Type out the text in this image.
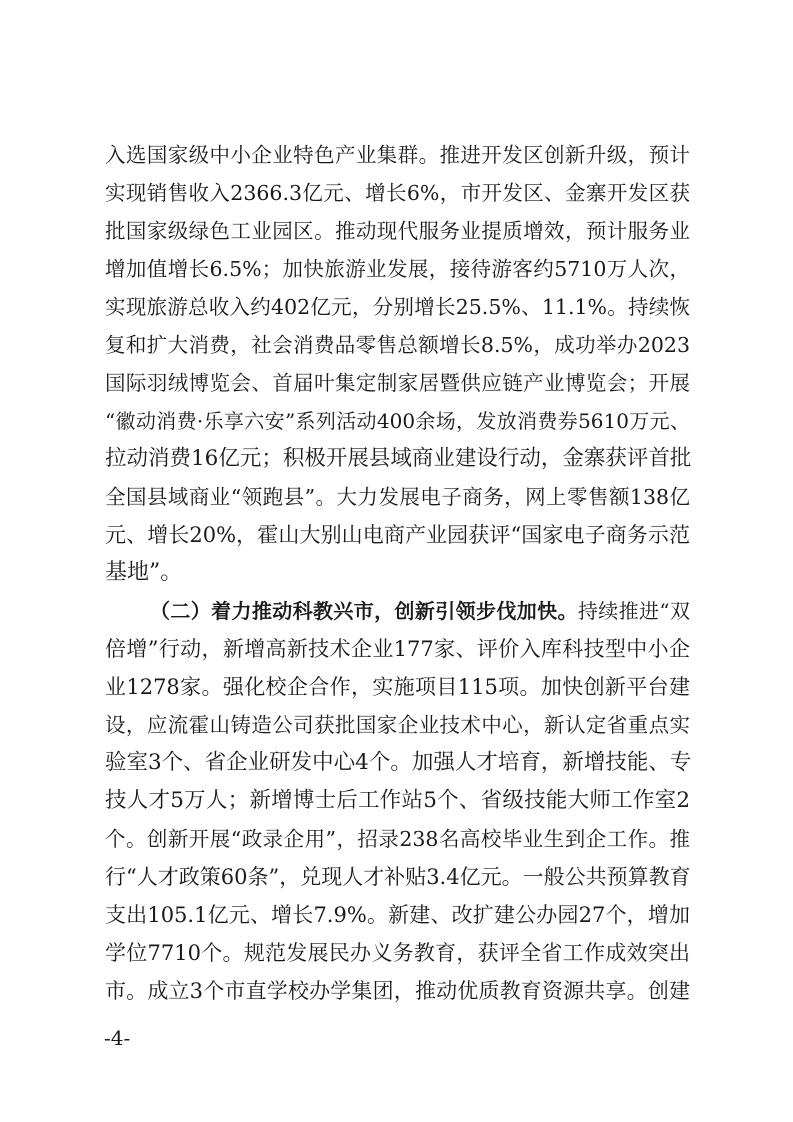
入选国家级中小企业特色产业集群。推进开发区创新升级，预计
实现销售收入2366.3亿元、增长6%，市开发区、金寨开发区获
批国家级绿色工业园区。推动现代服务业提质增效，预计服务业
增加值增长6.5%；加快旅游业发展，接待游客约5710万人次，
实现旅游总收入约402亿元，分别增长25.5%、11.1%。持续恢
复和扩大消费，社会消费品零售总额增长8.5%，成功举办2023
国际羽绒博览会、首届叶集定制家居暨供应链产业博览会；开展
“徽动消费·乐享六安”系列活动400余场，发放消费券5610万元、
拉动消费16亿元；积极开展县域商业建设行动，金寨获评首批
全国县域商业“领跑县”。大力发展电子商务，网上零售额138亿
元、增长20%，霍山大别山电商产业园获评“国家电子商务示范
基地”。
（二）着力推动科教兴市，创新引领步伐加快。持续推进“双
倍增”行动，新增高新技术企业177家、评价入库科技型中小企
业1278家。强化校企合作，实施项目115项。加快创新平台建
设，应流霍山铸造公司获批国家企业技术中心，新认定省重点实
验室3个、省企业研发中心4个。加强人才培育，新增技能、专
技人才5万人；新增博士后工作站5个、省级技能大师工作室2
个。创新开展“政录企用”，招录238名高校毕业生到企工作。推
行“人才政策60条”，兑现人才补贴3.4亿元。一般公共预算教育
支出105.1亿元、增长7.9%。新建、改扩建公办园27个，增加
学位7710个。规范发展民办义务教育，获评全省工作成效突出
市。成立3个市直学校办学集团，推动优质教育资源共享。创建
-4-
